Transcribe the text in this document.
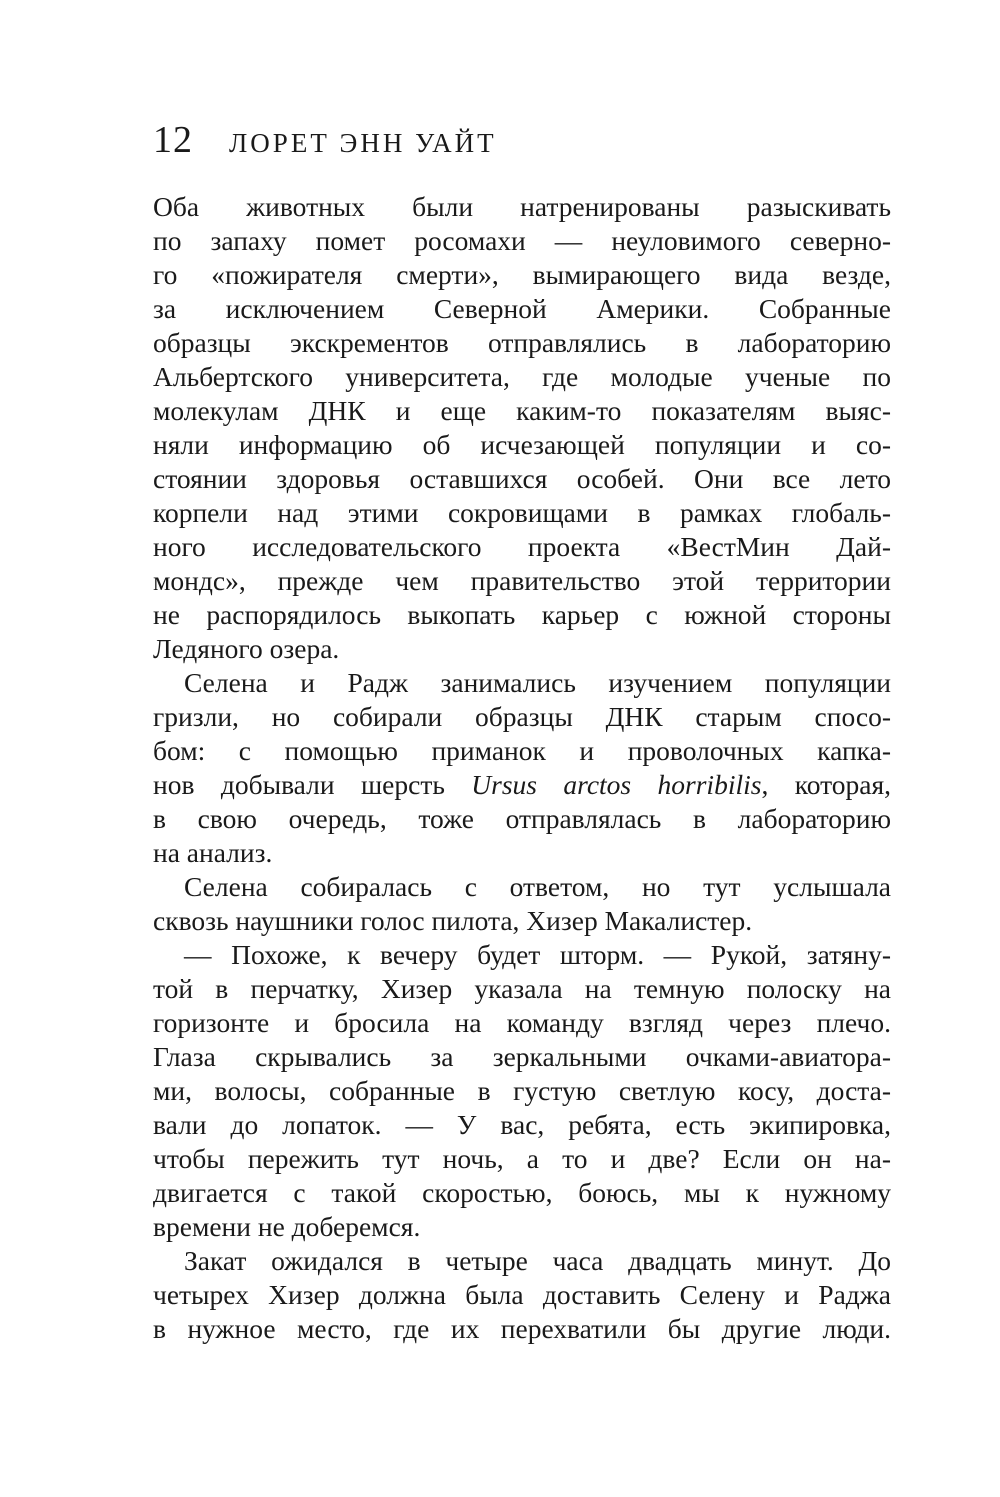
12 ЛОРЕТ ЭНН УАЙТ
Оба животных были натренированы разыскивать
по запаху помет росомахи — неуловимого северно-
го «пожирателя смерти», вымирающего вида везде,
за исключением Северной Америки. Собранные
образцы экскрементов отправлялись в лабораторию
Альбертского университета, где молодые ученые по
молекулам ДНК и еще каким-то показателям выяс-
няли информацию об исчезающей популяции и со-
стоянии здоровья оставшихся особей. Они все лето
корпели над этими сокровищами в рамках глобаль-
ного исследовательского проекта «ВестМин Дай-
мондс», прежде чем правительство этой территории
не распорядилось выкопать карьер с южной стороны
Ледяного озера.
Селена и Радж занимались изучением популяции
гризли, но собирали образцы ДНК старым спосо-
бом: с помощью приманок и проволочных капка-
нов добывали шерсть Ursus arctos horribilis, которая,
в свою очередь, тоже отправлялась в лабораторию
на анализ.
Селена собиралась с ответом, но тут услышала
сквозь наушники голос пилота, Хизер Макалистер.
— Похоже, к вечеру будет шторм. — Рукой, затяну-
той в перчатку, Хизер указала на темную полоску на
горизонте и бросила на команду взгляд через плечо.
Глаза скрывались за зеркальными очками-авиатора-
ми, волосы, собранные в густую светлую косу, доста-
вали до лопаток. — У вас, ребята, есть экипировка,
чтобы пережить тут ночь, а то и две? Если он на-
двигается с такой скоростью, боюсь, мы к нужному
времени не доберемся.
Закат ожидался в четыре часа двадцать минут. До
четырех Хизер должна была доставить Селену и Раджа
в нужное место, где их перехватили бы другие люди.
